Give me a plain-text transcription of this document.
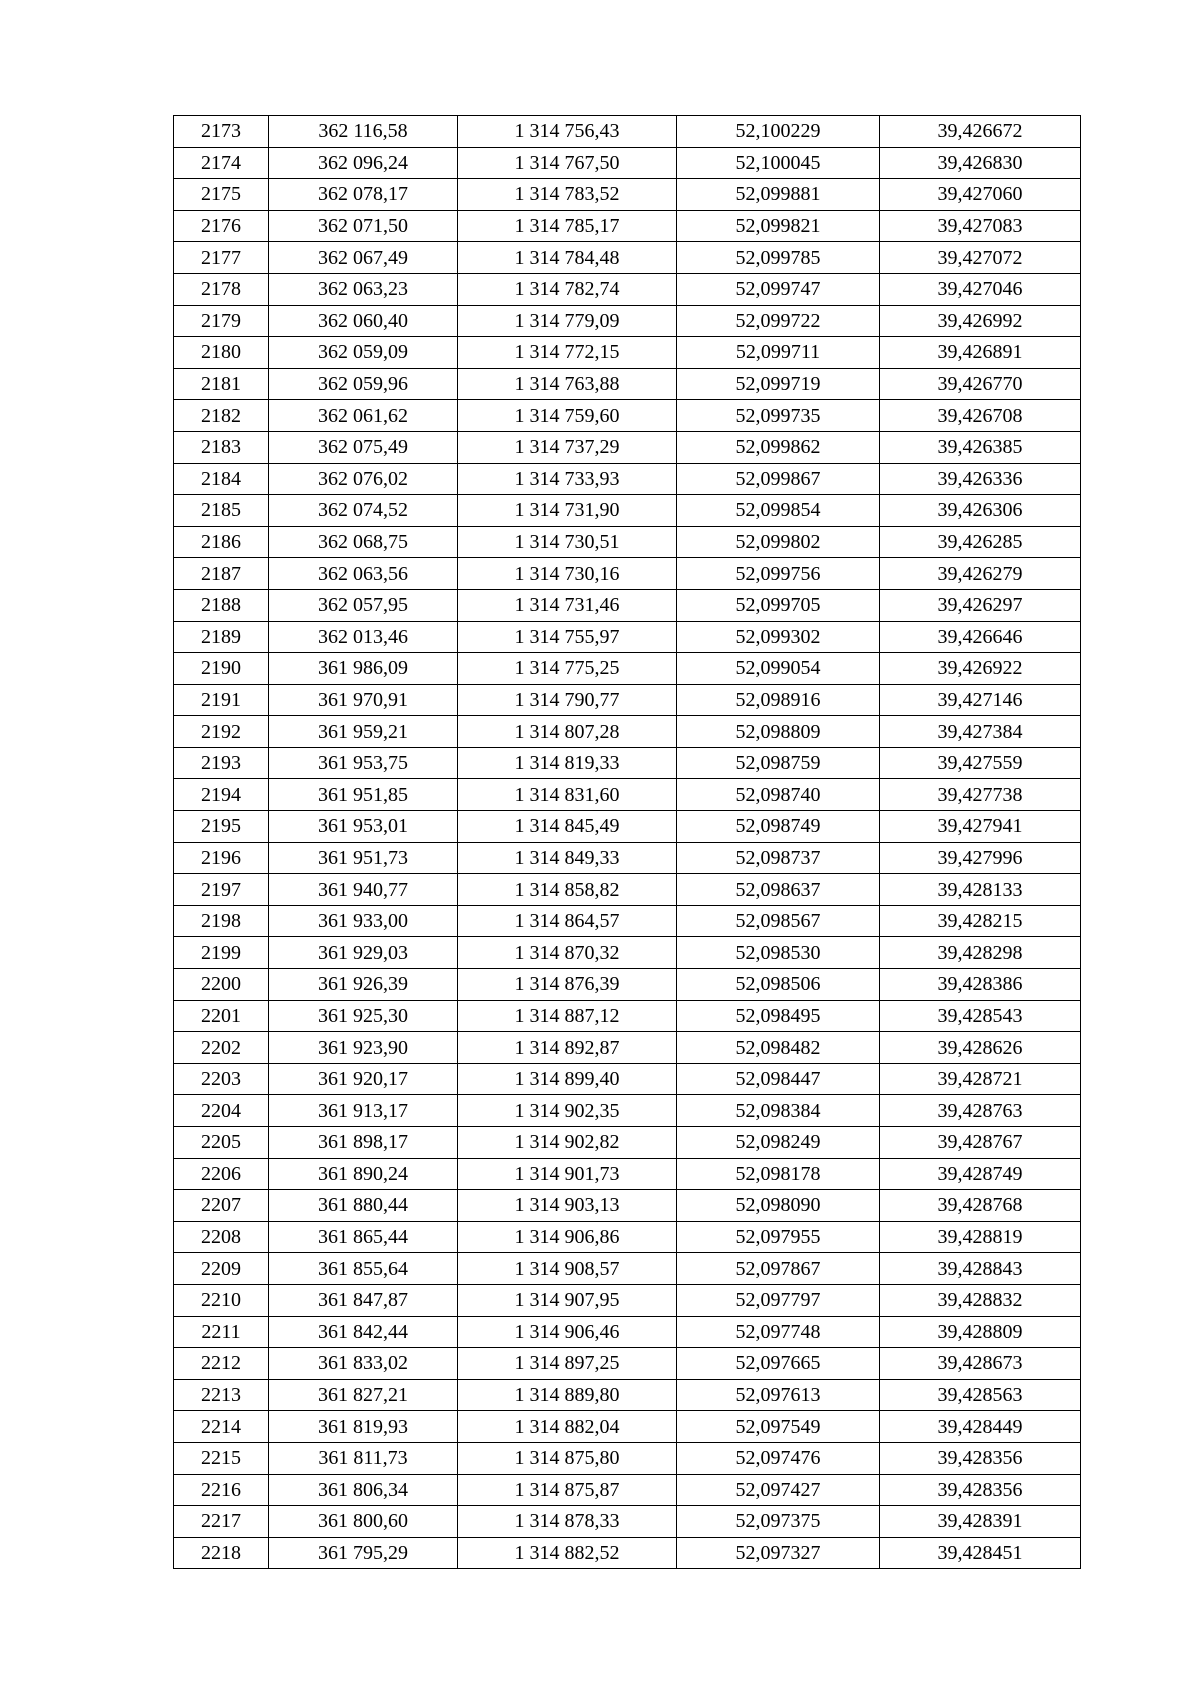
2173	362 116,58	1 314 756,43	52,100229	39,426672
2174	362 096,24	1 314 767,50	52,100045	39,426830
2175	362 078,17	1 314 783,52	52,099881	39,427060
2176	362 071,50	1 314 785,17	52,099821	39,427083
2177	362 067,49	1 314 784,48	52,099785	39,427072
2178	362 063,23	1 314 782,74	52,099747	39,427046
2179	362 060,40	1 314 779,09	52,099722	39,426992
2180	362 059,09	1 314 772,15	52,099711	39,426891
2181	362 059,96	1 314 763,88	52,099719	39,426770
2182	362 061,62	1 314 759,60	52,099735	39,426708
2183	362 075,49	1 314 737,29	52,099862	39,426385
2184	362 076,02	1 314 733,93	52,099867	39,426336
2185	362 074,52	1 314 731,90	52,099854	39,426306
2186	362 068,75	1 314 730,51	52,099802	39,426285
2187	362 063,56	1 314 730,16	52,099756	39,426279
2188	362 057,95	1 314 731,46	52,099705	39,426297
2189	362 013,46	1 314 755,97	52,099302	39,426646
2190	361 986,09	1 314 775,25	52,099054	39,426922
2191	361 970,91	1 314 790,77	52,098916	39,427146
2192	361 959,21	1 314 807,28	52,098809	39,427384
2193	361 953,75	1 314 819,33	52,098759	39,427559
2194	361 951,85	1 314 831,60	52,098740	39,427738
2195	361 953,01	1 314 845,49	52,098749	39,427941
2196	361 951,73	1 314 849,33	52,098737	39,427996
2197	361 940,77	1 314 858,82	52,098637	39,428133
2198	361 933,00	1 314 864,57	52,098567	39,428215
2199	361 929,03	1 314 870,32	52,098530	39,428298
2200	361 926,39	1 314 876,39	52,098506	39,428386
2201	361 925,30	1 314 887,12	52,098495	39,428543
2202	361 923,90	1 314 892,87	52,098482	39,428626
2203	361 920,17	1 314 899,40	52,098447	39,428721
2204	361 913,17	1 314 902,35	52,098384	39,428763
2205	361 898,17	1 314 902,82	52,098249	39,428767
2206	361 890,24	1 314 901,73	52,098178	39,428749
2207	361 880,44	1 314 903,13	52,098090	39,428768
2208	361 865,44	1 314 906,86	52,097955	39,428819
2209	361 855,64	1 314 908,57	52,097867	39,428843
2210	361 847,87	1 314 907,95	52,097797	39,428832
2211	361 842,44	1 314 906,46	52,097748	39,428809
2212	361 833,02	1 314 897,25	52,097665	39,428673
2213	361 827,21	1 314 889,80	52,097613	39,428563
2214	361 819,93	1 314 882,04	52,097549	39,428449
2215	361 811,73	1 314 875,80	52,097476	39,428356
2216	361 806,34	1 314 875,87	52,097427	39,428356
2217	361 800,60	1 314 878,33	52,097375	39,428391
2218	361 795,29	1 314 882,52	52,097327	39,428451
